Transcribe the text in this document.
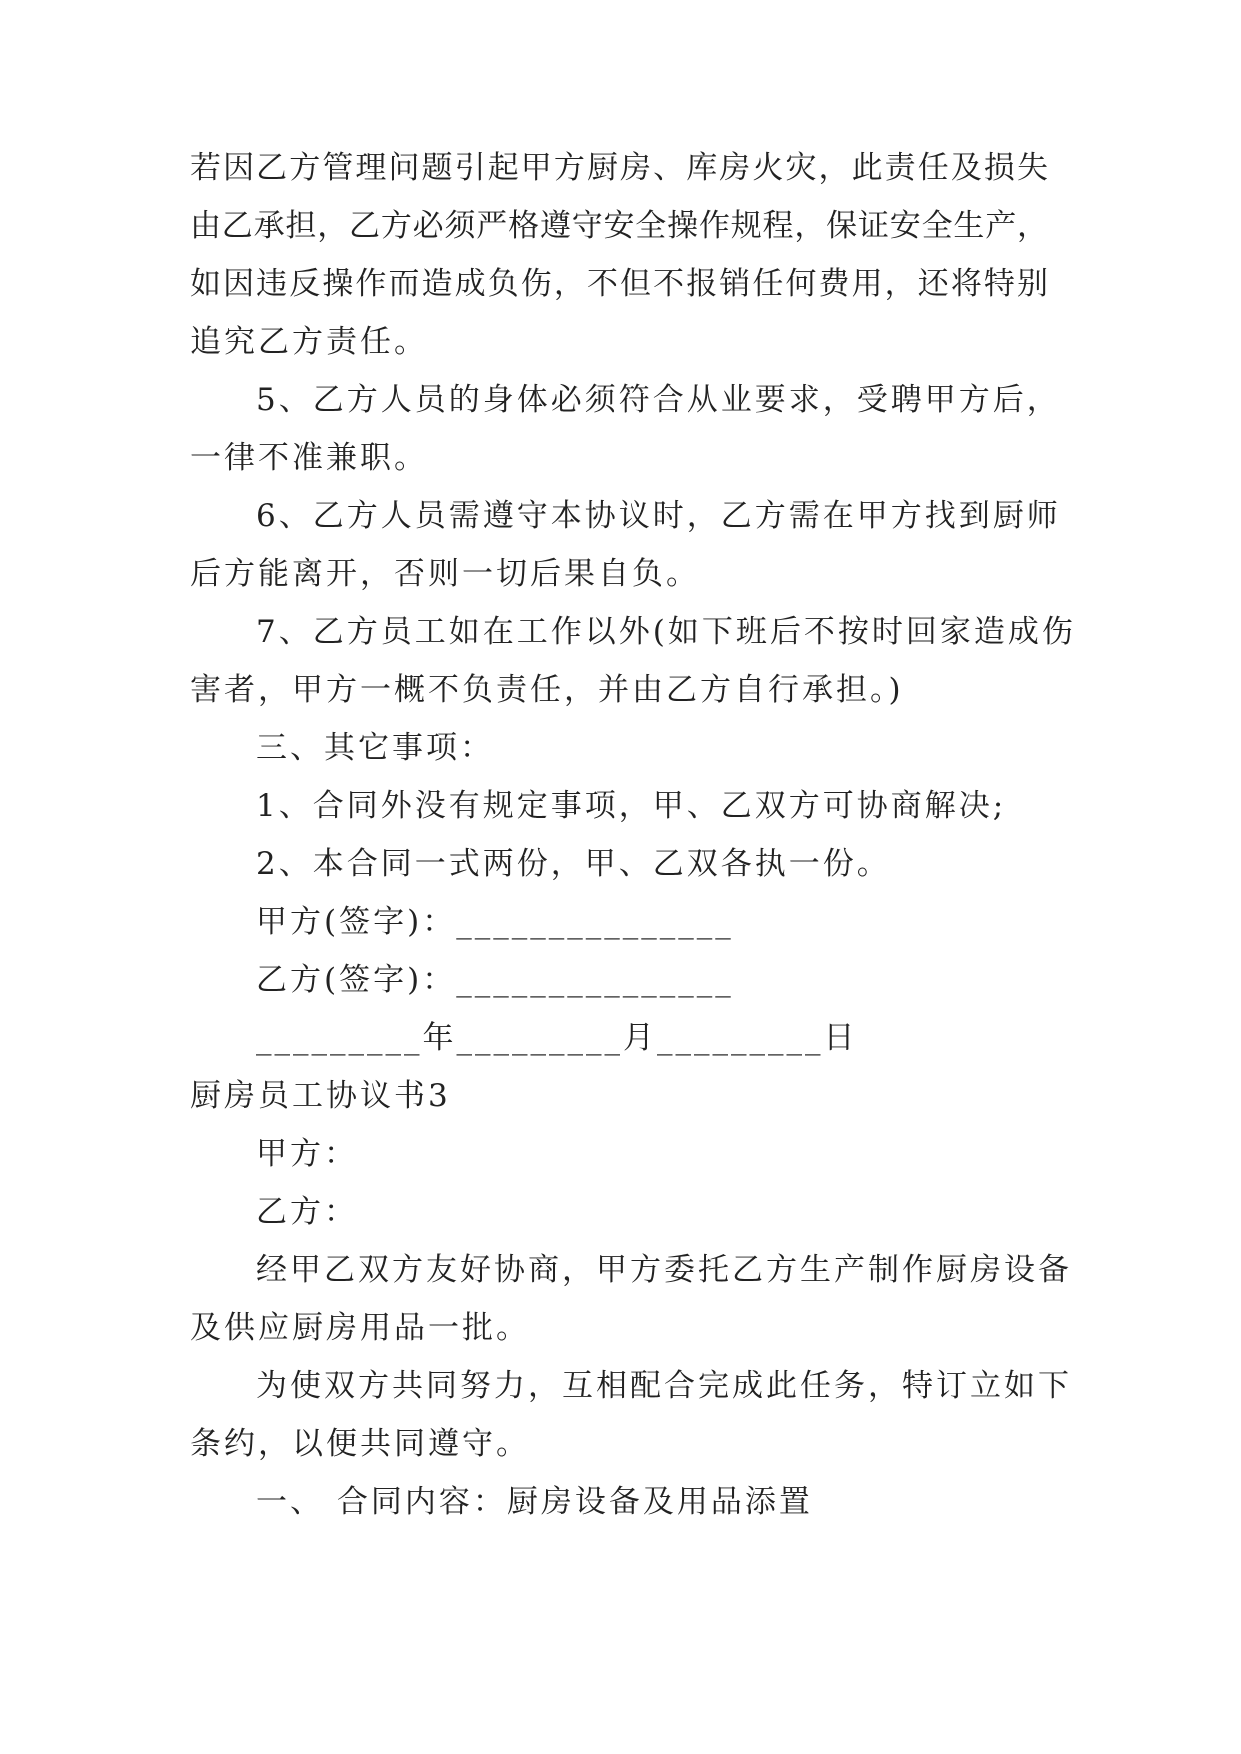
若因乙方管理问题引起甲方厨房、库房火灾，此责任及损失
由乙承担，乙方必须严格遵守安全操作规程，保证安全生产，
如因违反操作而造成负伤，不但不报销任何费用，还将特别
追究乙方责任。
5、乙方人员的身体必须符合从业要求，受聘甲方后，
一律不准兼职。
6、乙方人员需遵守本协议时，乙方需在甲方找到厨师
后方能离开，否则一切后果自负。
7、乙方员工如在工作以外(如下班后不按时回家造成伤
害者，甲方一概不负责任，并由乙方自行承担。)
三、其它事项：
1、合同外没有规定事项，甲、乙双方可协商解决;
2、本合同一式两份，甲、乙双各执一份。
甲方(签字)：_______________
乙方(签字)：_______________
_________年_________月_________日
厨房员工协议书3
甲方：
乙方：
经甲乙双方友好协商，甲方委托乙方生产制作厨房设备
及供应厨房用品一批。
为使双方共同努力，互相配合完成此任务，特订立如下
条约，以便共同遵守。
一、 合同内容：厨房设备及用品添置
